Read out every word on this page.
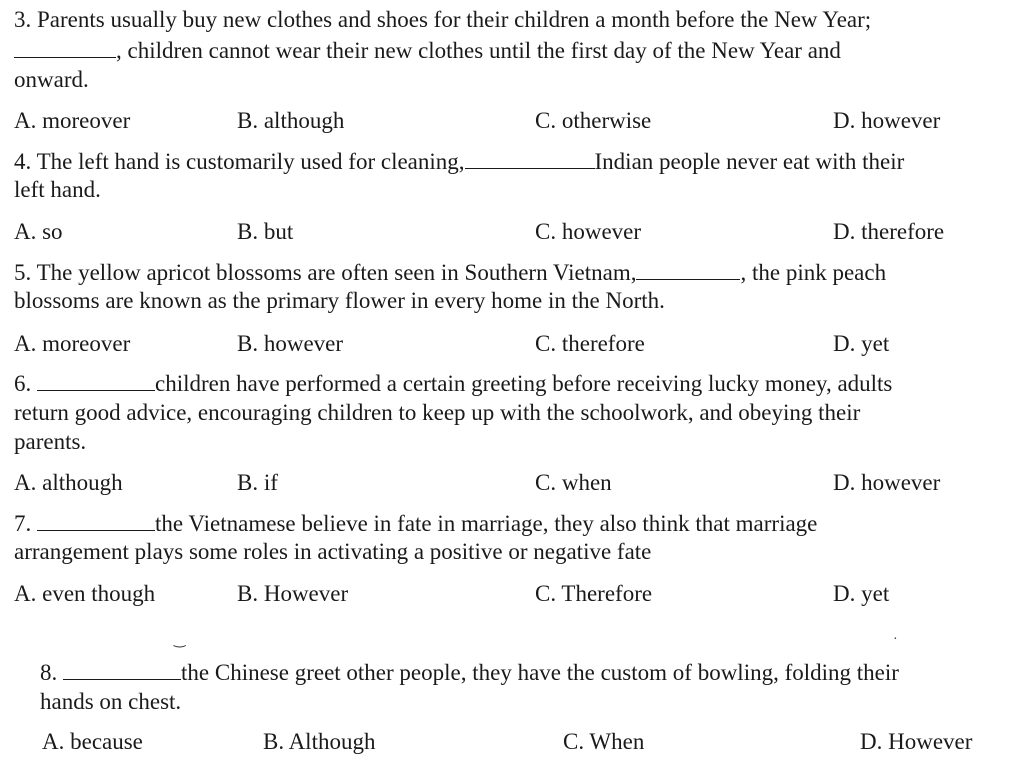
3. Parents usually buy new clothes and shoes for their children a month before the New Year;
, children cannot wear their new clothes until the first day of the New Year and
onward.
A. moreover	B. although	C. otherwise	D. however
4. The left hand is customarily used for cleaning,	Indian people never eat with their
left hand.
A. so	B. but	C. however	D. therefore
5. The yellow apricot blossoms are often seen in Southern Vietnam,	, the pink peach
blossoms are known as the primary flower in every home in the North.
A. moreover	B. however	C. therefore	D. yet
6.	children have performed a certain greeting before receiving lucky money, adults
return good advice, encouraging children to keep up with the schoolwork, and obeying their
parents.
A. although	B. if	C. when	D. however
7.	the Vietnamese believe in fate in marriage, they also think that marriage
arrangement plays some roles in activating a positive or negative fate
A. even though	B. However	C. Therefore	D. yet
‿	·
8.	the Chinese greet other people, they have the custom of bowling, folding their
hands on chest.
A. because	B. Although	C. When	D. However
